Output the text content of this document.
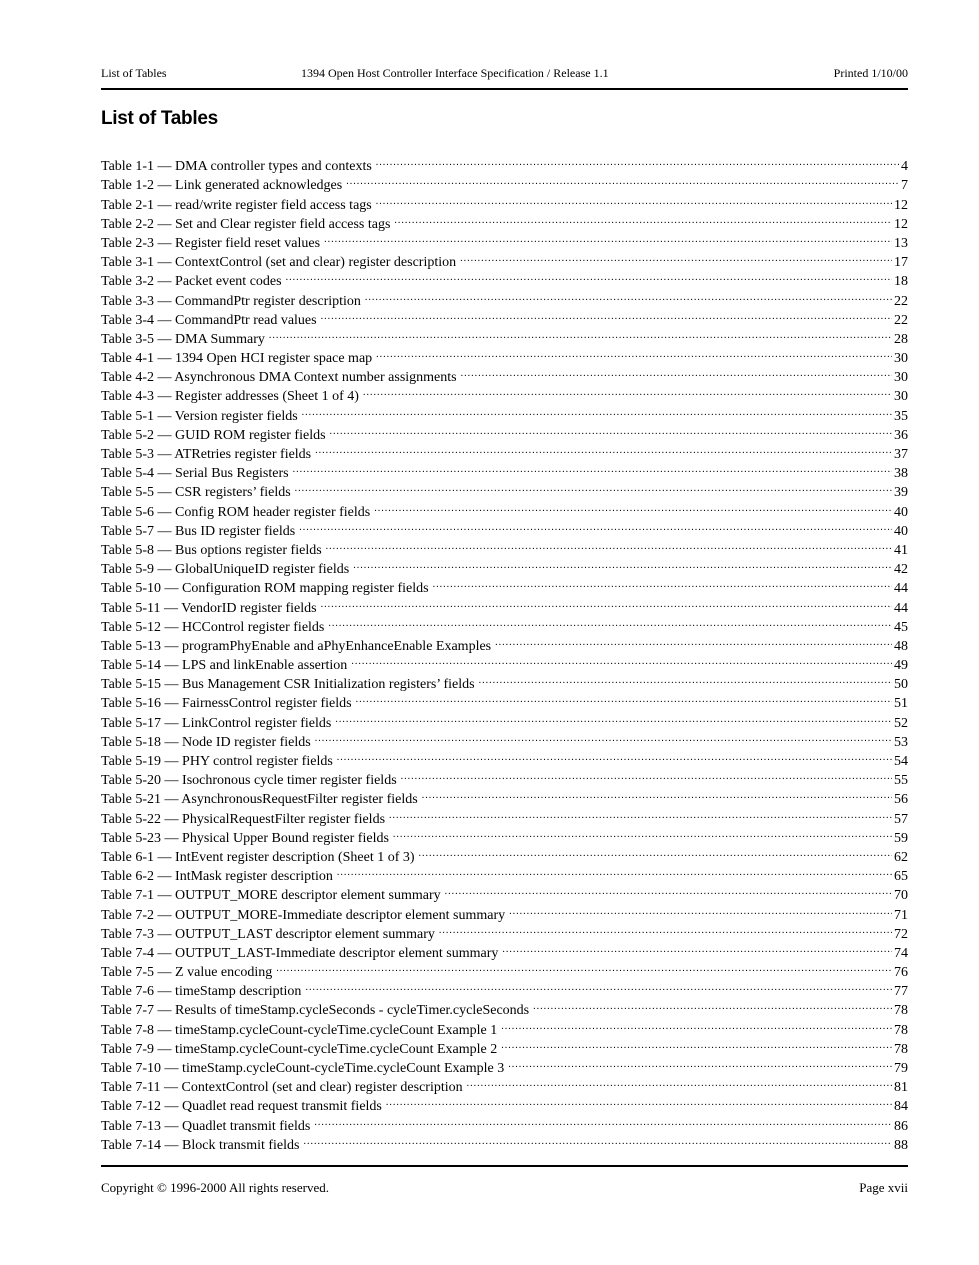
List of Tables	1394 Open Host Controller Interface Specification / Release 1.1	Printed 1/10/00
List of Tables
Table 1-1 — DMA controller types and contexts .....	4
Table 1-2 — Link generated acknowledges .....	7
Table 2-1 — read/write register field access tags .....	12
Table 2-2 — Set and Clear register field access tags .....	12
Table 2-3 — Register field reset values .....	13
Table 3-1 — ContextControl (set and clear) register description .....	17
Table 3-2 — Packet event codes .....	18
Table 3-3 — CommandPtr register description .....	22
Table 3-4 — CommandPtr read values .....	22
Table 3-5 — DMA Summary .....	28
Table 4-1 — 1394 Open HCI register space map .....	30
Table 4-2 — Asynchronous DMA Context number assignments .....	30
Table 4-3 — Register addresses (Sheet 1 of 4) .....	30
Table 5-1 — Version register fields .....	35
Table 5-2 — GUID ROM register fields .....	36
Table 5-3 — ATRetries register fields .....	37
Table 5-4 — Serial Bus Registers .....	38
Table 5-5 — CSR registers’ fields .....	39
Table 5-6 — Config ROM header register fields .....	40
Table 5-7 — Bus ID register fields .....	40
Table 5-8 — Bus options register fields .....	41
Table 5-9 — GlobalUniqueID register fields .....	42
Table 5-10 — Configuration ROM mapping register fields .....	44
Table 5-11 — VendorID register fields .....	44
Table 5-12 — HCControl register fields .....	45
Table 5-13 — programPhyEnable and aPhyEnhanceEnable Examples .....	48
Table 5-14 — LPS and linkEnable assertion .....	49
Table 5-15 — Bus Management CSR Initialization registers’ fields .....	50
Table 5-16 — FairnessControl register fields .....	51
Table 5-17 — LinkControl register fields .....	52
Table 5-18 — Node ID register fields .....	53
Table 5-19 — PHY control register fields .....	54
Table 5-20 — Isochronous cycle timer register fields .....	55
Table 5-21 — AsynchronousRequestFilter register fields .....	56
Table 5-22 — PhysicalRequestFilter register fields .....	57
Table 5-23 — Physical Upper Bound register fields .....	59
Table 6-1 — IntEvent register description (Sheet 1 of 3) .....	62
Table 6-2 — IntMask register description .....	65
Table 7-1 — OUTPUT_MORE descriptor element summary .....	70
Table 7-2 — OUTPUT_MORE-Immediate descriptor element summary .....	71
Table 7-3 — OUTPUT_LAST descriptor element summary .....	72
Table 7-4 — OUTPUT_LAST-Immediate descriptor element summary .....	74
Table 7-5 — Z value encoding .....	76
Table 7-6 — timeStamp description .....	77
Table 7-7 — Results of timeStamp.cycleSeconds - cycleTimer.cycleSeconds .....	78
Table 7-8 — timeStamp.cycleCount-cycleTime.cycleCount Example 1 .....	78
Table 7-9 — timeStamp.cycleCount-cycleTime.cycleCount Example 2 .....	78
Table 7-10 — timeStamp.cycleCount-cycleTime.cycleCount Example 3 .....	79
Table 7-11 — ContextControl (set and clear) register description .....	81
Table 7-12 — Quadlet read request transmit fields .....	84
Table 7-13 — Quadlet transmit fields .....	86
Table 7-14 — Block transmit fields .....	88
Copyright © 1996-2000 All rights reserved.	Page xvii
